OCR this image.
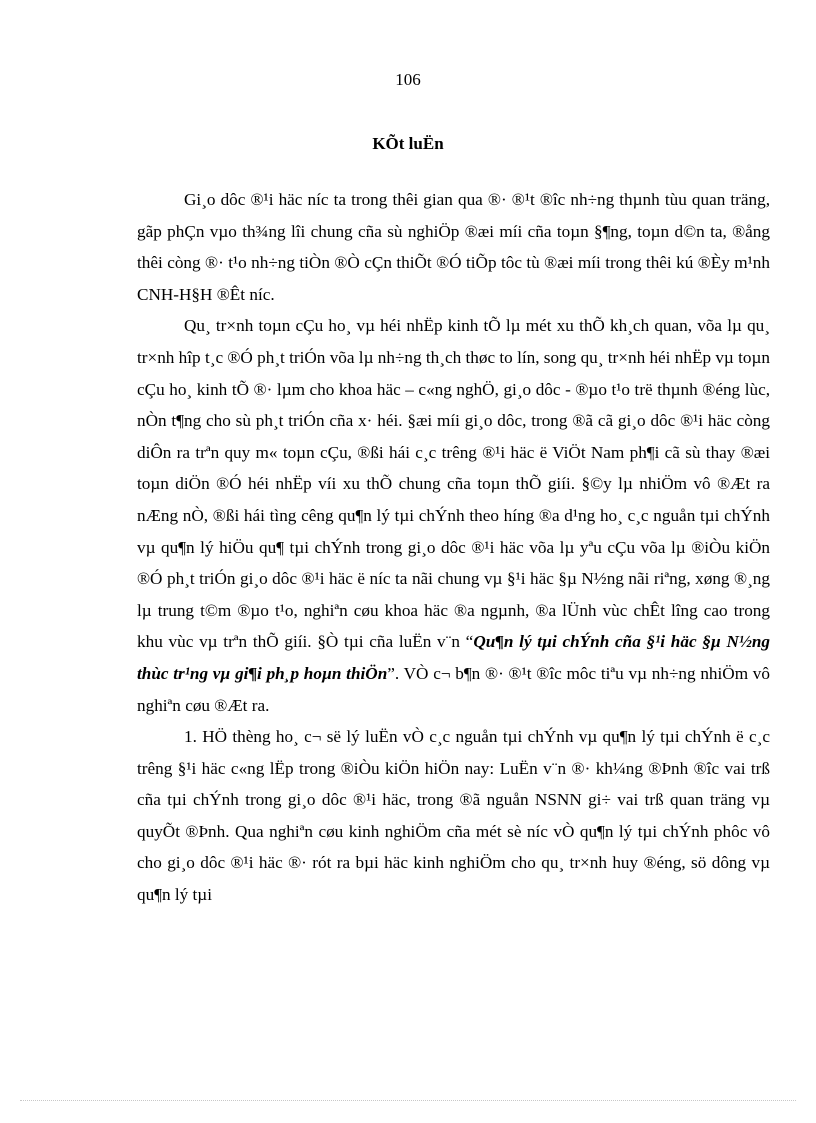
106
KÕt luËn

Gi¸o dôc ®¹i häc níc ta trong thêi gian qua ®· ®¹t ®îc nh÷ng thµnh tùu quan träng, gãp phÇn vµo th¾ng lîi chung cña sù nghiÖp ®æi míi cña toµn §¶ng, toµn d©n ta, ®ång thêi còng ®· t¹o nh÷ng tiÒn ®Ò cÇn thiÕt ®Ó tiÕp tôc tù ®æi míi trong thêi kú ®Èy m¹nh CNH-H§H ®Êt níc.

Qu¸ tr×nh toµn cÇu ho¸ vµ héi nhËp kinh tÕ lµ mét xu thÕ kh¸ch quan, võa lµ qu¸ tr×nh hîp t¸c ®Ó ph¸t triÓn võa lµ nh÷ng th¸ch thøc to lín, song qu¸ tr×nh héi nhËp vµ toµn cÇu ho¸ kinh tÕ ®· lµm cho khoa häc – c«ng nghÖ, gi¸o dôc - ®µo t¹o trë thµnh ®éng lùc, nÒn t¶ng cho sù ph¸t triÓn cña x· héi. §æi míi gi¸o dôc, trong ®ã cã gi¸o dôc ®¹i häc còng diÔn ra trªn quy m« toµn cÇu, ®ßi hái c¸c trêng ®¹i häc ë ViÖt Nam ph¶i cã sù thay ®æi toµn diÖn ®Ó héi nhËp víi xu thÕ chung cña toµn thÕ giíi. §©y lµ nhiÖm vô ®Æt ra nÆng nÒ, ®ßi hái tìng cêng qu¶n lý tµi chÝnh theo híng ®a d¹ng ho¸ c¸c nguån tµi chÝnh vµ qu¶n lý hiÖu qu¶ tµi chÝnh trong gi¸o dôc ®¹i häc võa lµ yªu cÇu võa lµ ®iÒu kiÖn ®Ó ph¸t triÓn gi¸o dôc ®¹i häc ë níc ta nãi chung vµ §¹i häc §µ N½ng nãi riªng, xøng ®¸ng lµ trung t©m ®µo t¹o, nghiªn cøu khoa häc ®a ngµnh, ®a lÜnh vùc chÊt lîng cao trong khu vùc vµ trªn thÕ giíi. §Ò tµi cña luËn v¨n “Qu¶n lý tµi chÝnh cña §¹i häc §µ N½ng thùc tr¹ng vµ gi¶i ph¸p hoµn thiÖn”. VÒ c¬ b¶n ®· ®¹t ®îc môc tiªu vµ nh÷ng nhiÖm vô nghiªn cøu ®Æt ra.

1. HÖ thèng ho¸ c¬ së lý luËn vÒ c¸c nguån tµi chÝnh vµ qu¶n lý tµi chÝnh ë c¸c trêng §¹i häc c«ng lËp trong ®iÒu kiÖn hiÖn nay: LuËn v¨n ®· kh¼ng ®Þnh ®îc vai trß cña tµi chÝnh trong gi¸o dôc ®¹i häc, trong ®ã nguån NSNN gi÷ vai trß quan träng vµ quyÕt ®Þnh. Qua nghiªn cøu kinh nghiÖm cña mét sè níc vÒ qu¶n lý tµi chÝnh phôc vô cho gi¸o dôc ®¹i häc ®· rót ra bµi häc kinh nghiÖm cho qu¸ tr×nh huy ®éng, sö dông vµ qu¶n lý tµi
